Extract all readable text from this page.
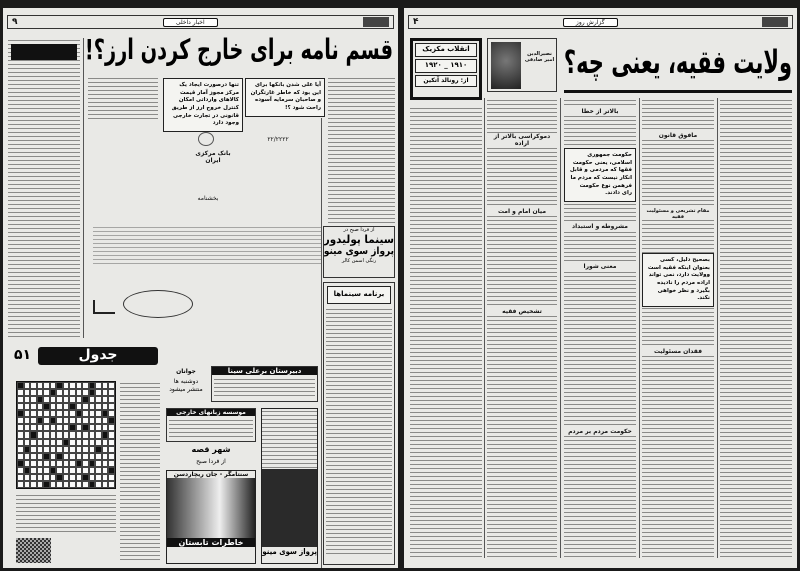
۹	اخبار داخلی
قسم نامه برای خارج کردن ارز؟!
آیا علی شدن بانکها برای این بود که خاطر غارتگران و صاحبان سرمایه آسوده راحت شود ؟!
تنها درصورت ایجاد یک مرکز مجوز آمار قیمت کالاهای وارداتی امکان کنترل خروج ارز از طریق قانونی در تجارت خارجی وجود دارد
بانک مرکزی ایران
۲۲/۲۲۲۲
بخشنامه
از فردا صبح در
سینما پولیدور
پرواز سوی مینو
رنگی اسمن کالر
برنامه سینماها
جدول
۵۱
جوانان
دوشنبه ها منتشر میشود
دبیرستان برعلی سینا
موسسه زبانهای خارجی
شهر قصه
از فردا صبح
سنتامگر - جان ریچاردسن
خاطرات تابستان
پرواز سوی مینو
۴	گزارش روز
ولایت فقیه، یعنی چه؟
انقلاب مکزیک
۱۹۱۰ _ ۱۹۲۰
از: رونالد آتکین
نصیرالدین امیر صادقی
حکومت جمهوری اسلامی، یعنی حکومت فقها که مردمی و قابل انکار نیست که مردم ما فرهمن نوع حکومت رای دادند.
بصحیح دلیل، کسی بعنوان اینکه فقیه است وولایت دارد، نمی تواند اراده مردم را نادیده بگیرد و نظر خواهی نکند.
بالاتر از خطا
دموکراسی بالاتر از اراده
مافوق قانون
مقام تشریعی و مسئولیت فقیه
مشروطه و استبداد
معنی شورا
میان امام و امت
فقدان مسئولیت
تشخیص فقیه
حکومت مردم بر مردم
